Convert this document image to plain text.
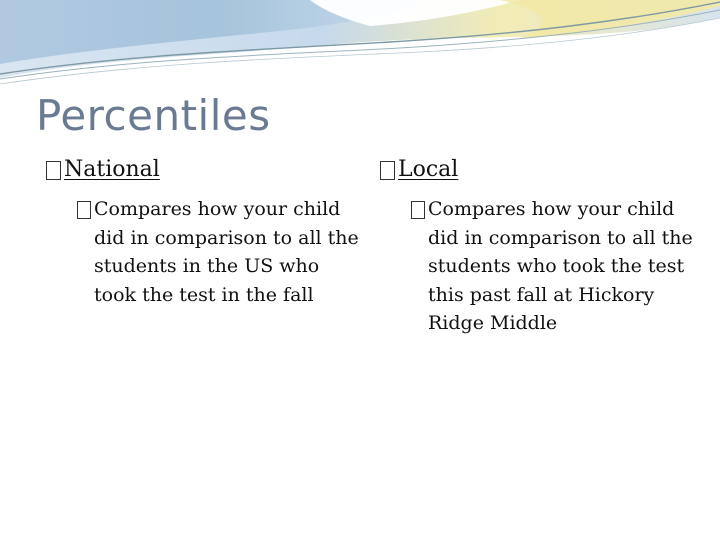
Percentiles
National
Compares how your child did in comparison to all the students in the US who took the test in the fall
Local
Compares how your child did in comparison to all the students who took the test this past fall at Hickory Ridge Middle
